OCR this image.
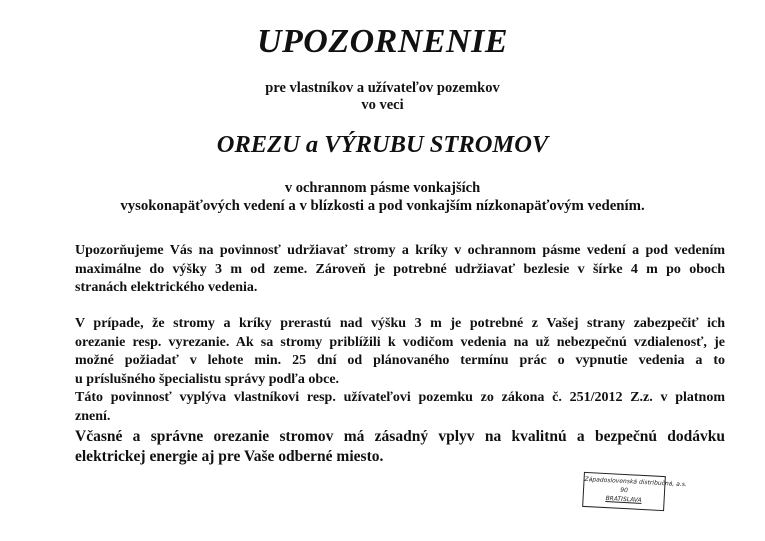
UPOZORNENIE
pre vlastníkov a užívateľov pozemkov
vo veci
OREZU a VÝRUBU STROMOV
v ochrannom pásme vonkajších
vysokonapäťových vedení a v blízkosti a pod vonkajším nízkonapäťovým vedením.
Upozorňujeme Vás na povinnosť udržiavať stromy a kríky v ochrannom pásme vedení a pod vedením
maximálne do výšky 3 m od zeme. Zároveň je potrebné udržiavať bezlesie v šírke 4 m po oboch
stranách elektrického vedenia.
V prípade, že stromy a kríky prerastú nad výšku 3 m je potrebné z Vašej strany zabezpečiť ich
orezanie resp. vyrezanie. Ak sa stromy priblížili k vodičom vedenia na už nebezpečnú vzdialenosť, je
možné požiadať v lehote min. 25 dní od plánovaného termínu prác o vypnutie vedenia a to
u príslušného špecialistu správy podľa obce.
Táto povinnosť vyplýva vlastníkovi resp. užívateľovi pozemku zo zákona č. 251/2012 Z.z. v platnom
znení.
Včasné a správne orezanie stromov má zásadný vplyv na kvalitnú a bezpečnú dodávku
elektrickej energie aj pre Vaše odberné miesto.
Západoslovenská distribučná, a.s.
90
BRATISLAVA
